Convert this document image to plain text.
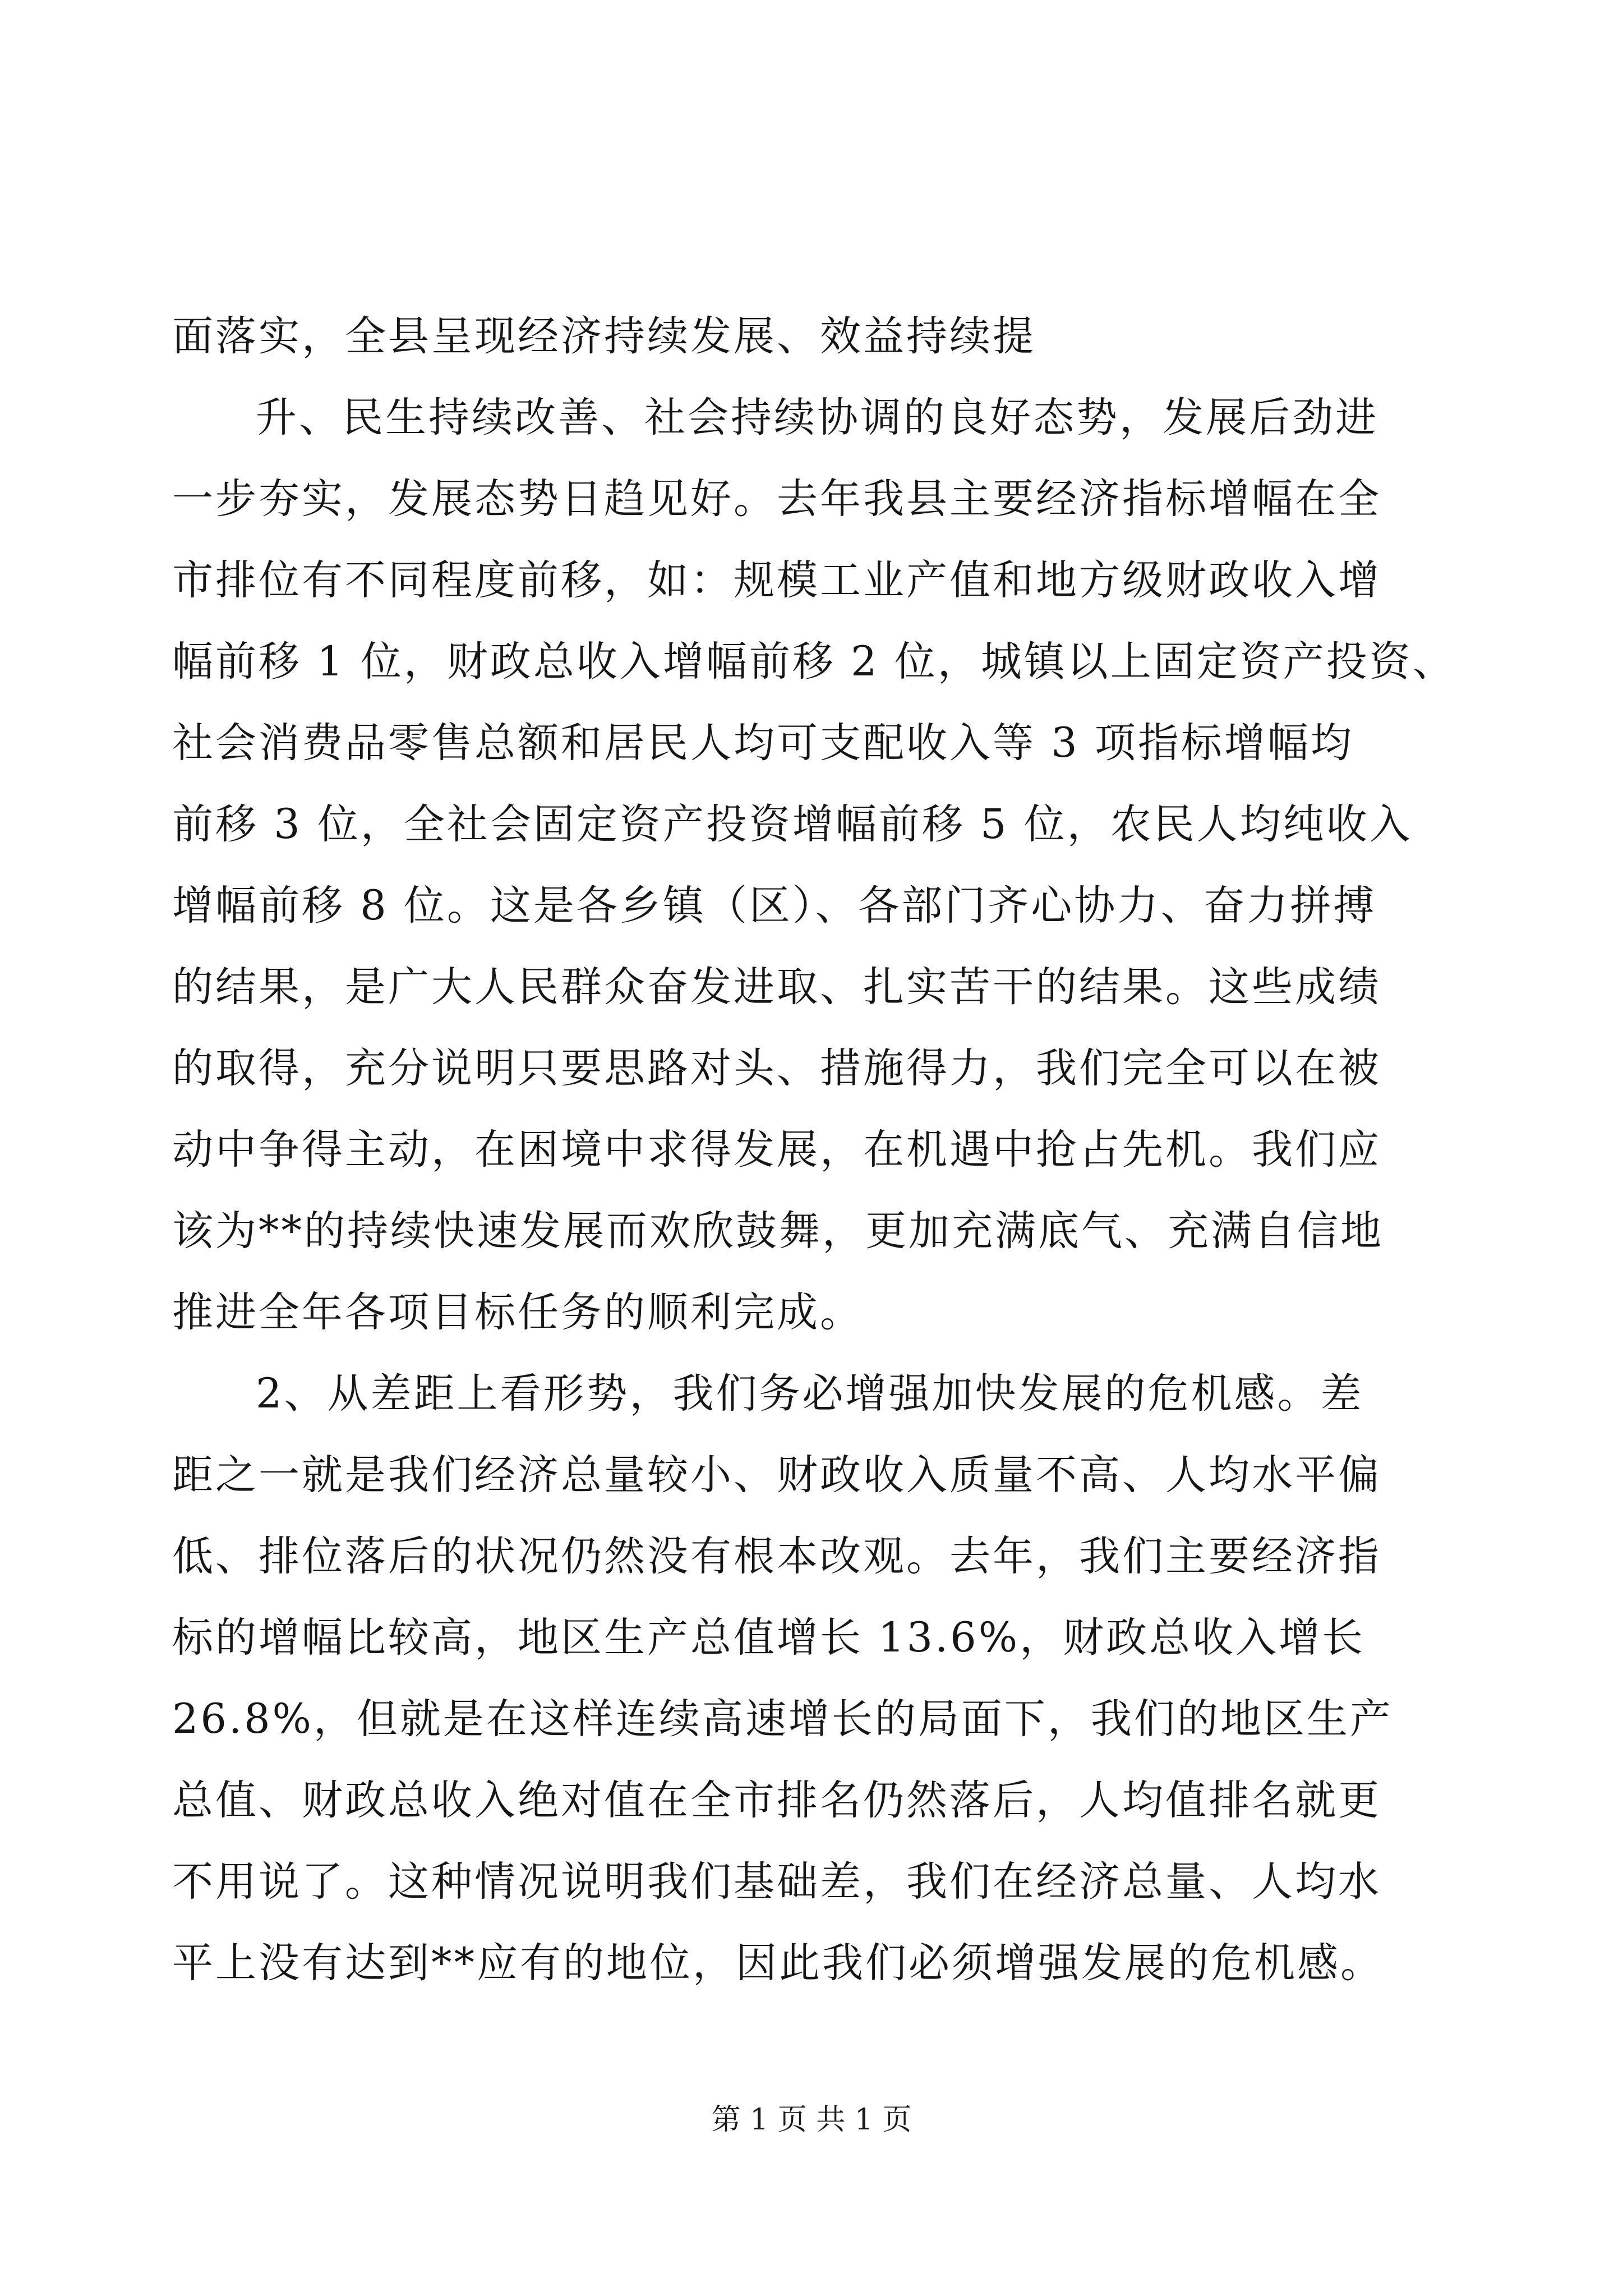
面落实，全县呈现经济持续发展、效益持续提
升、民生持续改善、社会持续协调的良好态势，发展后劲进
一步夯实，发展态势日趋见好。去年我县主要经济指标增幅在全
市排位有不同程度前移，如：规模工业产值和地方级财政收入增
幅前移 1 位，财政总收入增幅前移 2 位，城镇以上固定资产投资、
社会消费品零售总额和居民人均可支配收入等 3 项指标增幅均
前移 3 位，全社会固定资产投资增幅前移 5 位，农民人均纯收入
增幅前移 8 位。这是各乡镇（区）、各部门齐心协力、奋力拼搏
的结果，是广大人民群众奋发进取、扎实苦干的结果。这些成绩
的取得，充分说明只要思路对头、措施得力，我们完全可以在被
动中争得主动，在困境中求得发展，在机遇中抢占先机。我们应
该为**的持续快速发展而欢欣鼓舞，更加充满底气、充满自信地
推进全年各项目标任务的顺利完成。
2、从差距上看形势，我们务必增强加快发展的危机感。差
距之一就是我们经济总量较小、财政收入质量不高、人均水平偏
低、排位落后的状况仍然没有根本改观。去年，我们主要经济指
标的增幅比较高，地区生产总值增长 13.6%，财政总收入增长
26.8%，但就是在这样连续高速增长的局面下，我们的地区生产
总值、财政总收入绝对值在全市排名仍然落后，人均值排名就更
不用说了。这种情况说明我们基础差，我们在经济总量、人均水
平上没有达到**应有的地位，因此我们必须增强发展的危机感。
第 1 页 共 1 页
